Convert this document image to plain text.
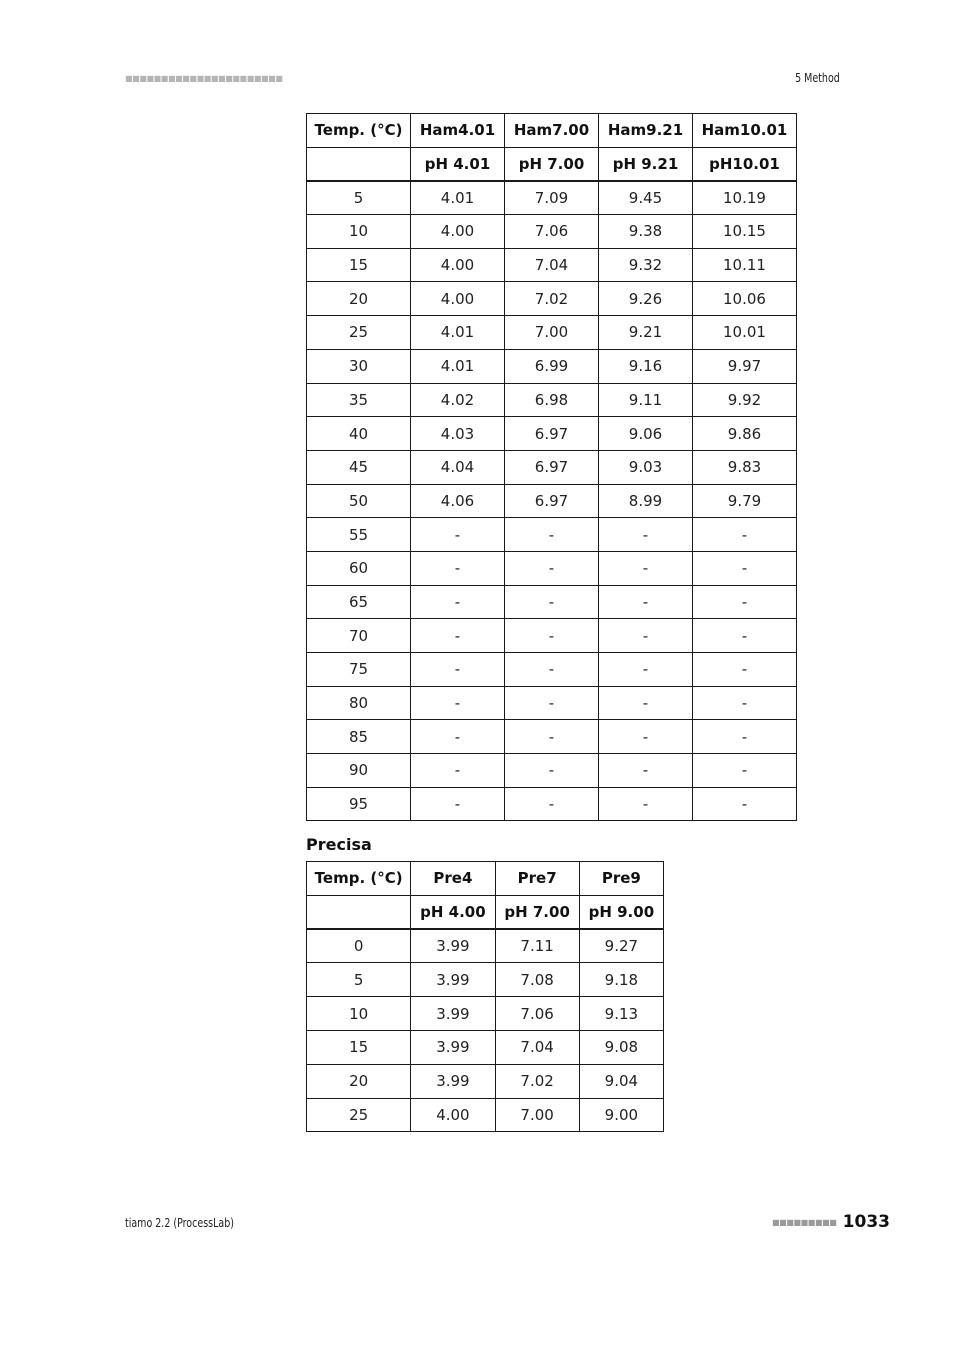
■■■■■■■■■■■■■■■■■■■■■■	5 Method
Temp. (°C)	Ham4.01	Ham7.00	Ham9.21	Ham10.01
	pH 4.01	pH 7.00	pH 9.21	pH10.01
5	4.01	7.09	9.45	10.19
10	4.00	7.06	9.38	10.15
15	4.00	7.04	9.32	10.11
20	4.00	7.02	9.26	10.06
25	4.01	7.00	9.21	10.01
30	4.01	6.99	9.16	9.97
35	4.02	6.98	9.11	9.92
40	4.03	6.97	9.06	9.86
45	4.04	6.97	9.03	9.83
50	4.06	6.97	8.99	9.79
55	-	-	-	-
60	-	-	-	-
65	-	-	-	-
70	-	-	-	-
75	-	-	-	-
80	-	-	-	-
85	-	-	-	-
90	-	-	-	-
95	-	-	-	-
Precisa
Temp. (°C)	Pre4	Pre7	Pre9
	pH 4.00	pH 7.00	pH 9.00
0	3.99	7.11	9.27
5	3.99	7.08	9.18
10	3.99	7.06	9.13
15	3.99	7.04	9.08
20	3.99	7.02	9.04
25	4.00	7.00	9.00
tiamo 2.2 (ProcessLab)	■■■■■■■■■ 1033
